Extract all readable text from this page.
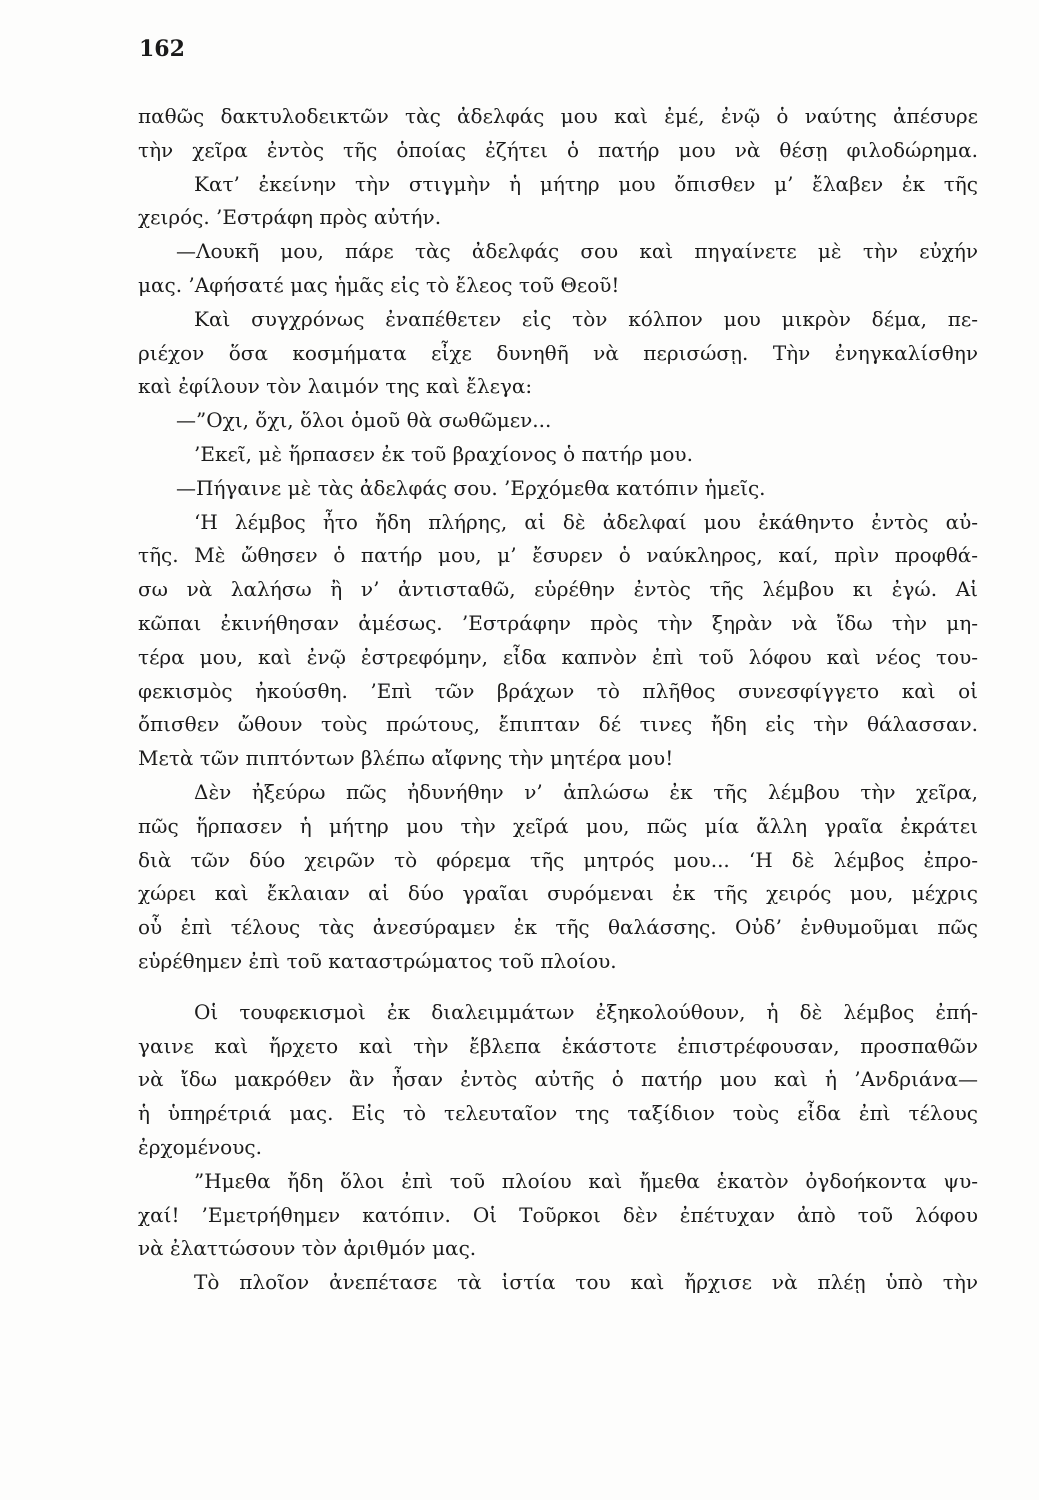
162
παθῶς δακτυλοδεικτῶν τὰς ἀδελφάς μου καὶ ἐμέ, ἐνῷ ὁ ναύτης ἀπέσυρε
τὴν χεῖρα ἐντὸς τῆς ὁποίας ἐζήτει ὁ πατήρ μου νὰ θέσῃ φιλοδώρημα.
Κατ’ ἐκείνην τὴν στιγμὴν ἡ μήτηρ μου ὄπισθεν μ’ ἔλαβεν ἐκ τῆς
χειρός. ’Εστράφη πρὸς αὐτήν.
—Λουκῆ μου, πάρε τὰς ἀδελφάς σου καὶ πηγαίνετε μὲ τὴν εὐχήν
μας. ’Αφήσατέ μας ἡμᾶς εἰς τὸ ἔλεος τοῦ Θεοῦ!
Καὶ συγχρόνως ἐναπέθετεν εἰς τὸν κόλπον μου μικρὸν δέμα, πε-
ριέχον ὅσα κοσμήματα εἶχε δυνηθῆ νὰ περισώσῃ. Τὴν ἐνηγκαλίσθην
καὶ ἐφίλουν τὸν λαιμόν της καὶ ἔλεγα:
—”Οχι, ὄχι, ὅλοι ὁμοῦ θὰ σωθῶμεν...
’Εκεῖ, μὲ ἥρπασεν ἐκ τοῦ βραχίονος ὁ πατήρ μου.
—Πήγαινε μὲ τὰς ἀδελφάς σου. ’Ερχόμεθα κατόπιν ἡμεῖς.
‘Η λέμβος ἦτο ἤδη πλήρης, αἱ δὲ ἀδελφαί μου ἐκάθηντο ἐντὸς αὐ-
τῆς. Μὲ ὤθησεν ὁ πατήρ μου, μ’ ἔσυρεν ὁ ναύκληρος, καί, πρὶν προφθά-
σω νὰ λαλήσω ἢ ν’ ἀντισταθῶ, εὑρέθην ἐντὸς τῆς λέμβου κι ἐγώ. Αἱ
κῶπαι ἐκινήθησαν ἀμέσως. ’Εστράφην πρὸς τὴν ξηρὰν νὰ ἴδω τὴν μη-
τέρα μου, καὶ ἐνῷ ἐστρεφόμην, εἶδα καπνὸν ἐπὶ τοῦ λόφου καὶ νέος του-
φεκισμὸς ἠκούσθη. ’Επὶ τῶν βράχων τὸ πλῆθος συνεσφίγγετο καὶ οἱ
ὄπισθεν ὤθουν τοὺς πρώτους, ἔπιπταν δέ τινες ἤδη εἰς τὴν θάλασσαν.
Μετὰ τῶν πιπτόντων βλέπω αἴφνης τὴν μητέρα μου!
Δὲν ἠξεύρω πῶς ἠδυνήθην ν’ ἁπλώσω ἐκ τῆς λέμβου τὴν χεῖρα,
πῶς ἥρπασεν ἡ μήτηρ μου τὴν χεῖρά μου, πῶς μία ἄλλη γραῖα ἐκράτει
διὰ τῶν δύο χειρῶν τὸ φόρεμα τῆς μητρός μου... ‘Η δὲ λέμβος ἐπρο-
χώρει καὶ ἔκλαιαν αἱ δύο γραῖαι συρόμεναι ἐκ τῆς χειρός μου, μέχρις
οὗ ἐπὶ τέλους τὰς ἀνεσύραμεν ἐκ τῆς θαλάσσης. Οὐδ’ ἐνθυμοῦμαι πῶς
εὑρέθημεν ἐπὶ τοῦ καταστρώματος τοῦ πλοίου.
Οἱ τουφεκισμοὶ ἐκ διαλειμμάτων ἐξηκολούθουν, ἡ δὲ λέμβος ἐπή-
γαινε καὶ ἤρχετο καὶ τὴν ἔβλεπα ἑκάστοτε ἐπιστρέφουσαν, προσπαθῶν
νὰ ἴδω μακρόθεν ἂν ἦσαν ἐντὸς αὐτῆς ὁ πατήρ μου καὶ ἡ ’Ανδριάνα—
ἡ ὑπηρέτριά μας. Εἰς τὸ τελευταῖον της ταξίδιον τοὺς εἶδα ἐπὶ τέλους
ἐρχομένους.
”Ημεθα ἤδη ὅλοι ἐπὶ τοῦ πλοίου καὶ ἤμεθα ἑκατὸν ὀγδοήκοντα ψυ-
χαί! ’Εμετρήθημεν κατόπιν. Οἱ Τοῦρκοι δὲν ἐπέτυχαν ἀπὸ τοῦ λόφου
νὰ ἐλαττώσουν τὸν ἀριθμόν μας.
Τὸ πλοῖον ἀνεπέτασε τὰ ἱστία του καὶ ἤρχισε νὰ πλέῃ ὑπὸ τὴν
